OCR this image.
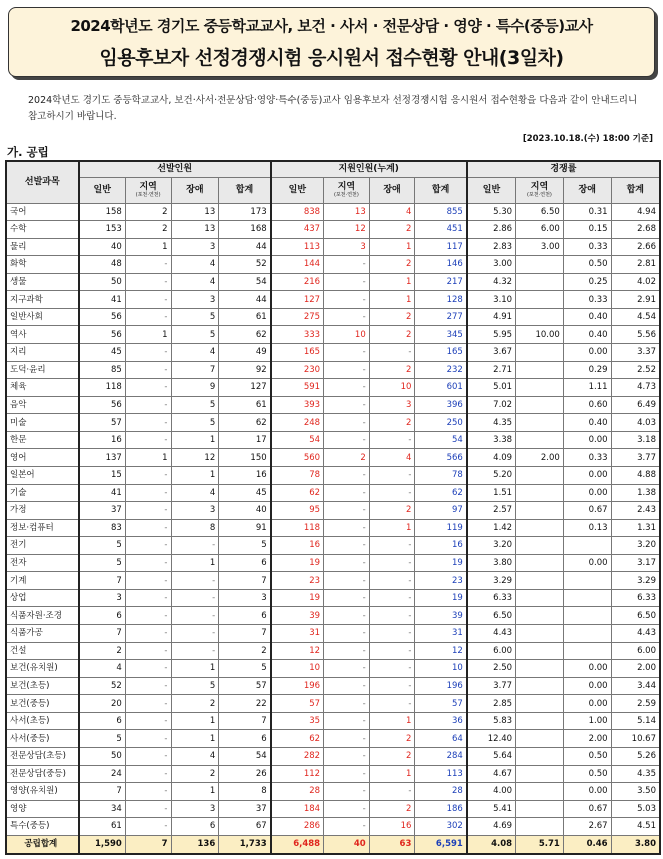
2024학년도 경기도 중등학교교사, 보건 · 사서 · 전문상담 · 영양 · 특수(중등)교사
임용후보자 선정경쟁시험 응시원서 접수현황 안내(3일차)
2024학년도 경기도 중등학교교사, 보건·사서·전문상담·영양·특수(중등)교사 임용후보자 선정경쟁시험 응시원서 접수현황을 다음과 같이 안내드리니 참고하시기 바랍니다.
[2023.10.18.(수) 18:00 기준]
가. 공립
선발과목	선발인원				지원인원(누계)				경쟁률			
	일반	지역
(포천·연천)	장애	합계	일반	지역
(포천·연천)	장애	합계	일반	지역
(포천·연천)	장애	합계
국어	158	2	13	173	838	13	4	855	5.30	6.50	0.31	4.94
수학	153	2	13	168	437	12	2	451	2.86	6.00	0.15	2.68
물리	40	1	3	44	113	3	1	117	2.83	3.00	0.33	2.66
화학	48	-	4	52	144	-	2	146	3.00		0.50	2.81
생물	50	-	4	54	216	-	1	217	4.32		0.25	4.02
지구과학	41	-	3	44	127	-	1	128	3.10		0.33	2.91
일반사회	56	-	5	61	275	-	2	277	4.91		0.40	4.54
역사	56	1	5	62	333	10	2	345	5.95	10.00	0.40	5.56
지리	45	-	4	49	165	-	-	165	3.67		0.00	3.37
도덕·윤리	85	-	7	92	230	-	2	232	2.71		0.29	2.52
체육	118	-	9	127	591	-	10	601	5.01		1.11	4.73
음악	56	-	5	61	393	-	3	396	7.02		0.60	6.49
미술	57	-	5	62	248	-	2	250	4.35		0.40	4.03
한문	16	-	1	17	54	-	-	54	3.38		0.00	3.18
영어	137	1	12	150	560	2	4	566	4.09	2.00	0.33	3.77
일본어	15	-	1	16	78	-	-	78	5.20		0.00	4.88
기술	41	-	4	45	62	-	-	62	1.51		0.00	1.38
가정	37	-	3	40	95	-	2	97	2.57		0.67	2.43
정보·컴퓨터	83	-	8	91	118	-	1	119	1.42		0.13	1.31
전기	5	-	-	5	16	-	-	16	3.20			3.20
전자	5	-	1	6	19	-	-	19	3.80		0.00	3.17
기계	7	-	-	7	23	-	-	23	3.29			3.29
상업	3	-	-	3	19	-	-	19	6.33			6.33
식품자원·조경	6	-	-	6	39	-	-	39	6.50			6.50
식품가공	7	-	-	7	31	-	-	31	4.43			4.43
건설	2	-	-	2	12	-	-	12	6.00			6.00
보건(유치원)	4	-	1	5	10	-	-	10	2.50		0.00	2.00
보건(초등)	52	-	5	57	196	-	-	196	3.77		0.00	3.44
보건(중등)	20	-	2	22	57	-	-	57	2.85		0.00	2.59
사서(초등)	6	-	1	7	35	-	1	36	5.83		1.00	5.14
사서(중등)	5	-	1	6	62	-	2	64	12.40		2.00	10.67
전문상담(초등)	50	-	4	54	282	-	2	284	5.64		0.50	5.26
전문상담(중등)	24	-	2	26	112	-	1	113	4.67		0.50	4.35
영양(유치원)	7	-	1	8	28	-	-	28	4.00		0.00	3.50
영양	34	-	3	37	184	-	2	186	5.41		0.67	5.03
특수(중등)	61	-	6	67	286	-	16	302	4.69		2.67	4.51
공립합계	1,590	7	136	1,733	6,488	40	63	6,591	4.08	5.71	0.46	3.80
